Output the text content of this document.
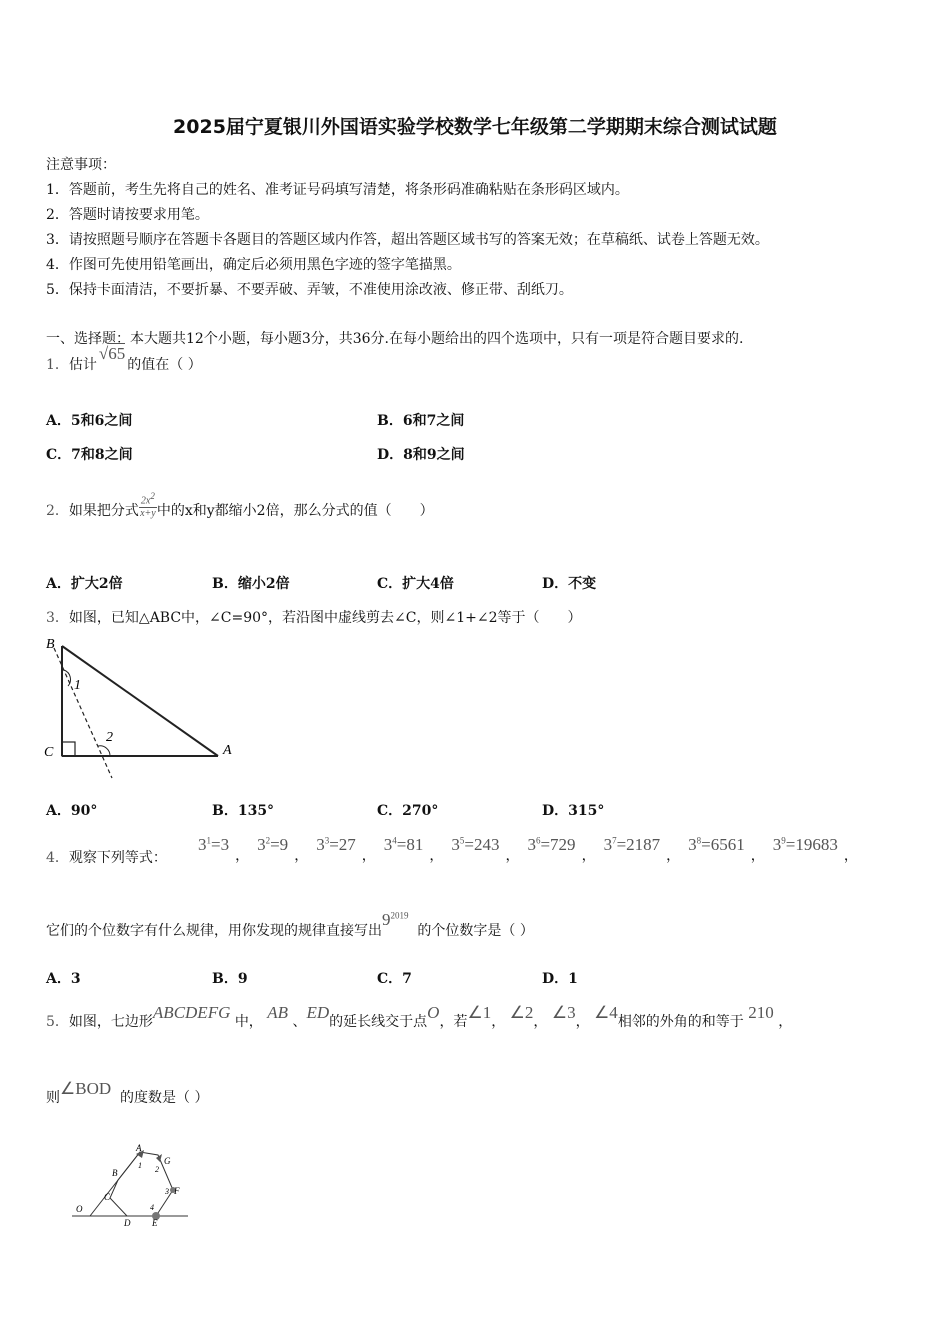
2025届宁夏银川外国语实验学校数学七年级第二学期期末综合测试试题
注意事项：
1．答题前，考生先将自己的姓名、准考证号码填写清楚，将条形码准确粘贴在条形码区域内。
2．答题时请按要求用笔。
3．请按照题号顺序在答题卡各题目的答题区域内作答，超出答题区域书写的答案无效；在草稿纸、试卷上答题无效。
4．作图可先使用铅笔画出，确定后必须用黑色字迹的签字笔描黑。
5．保持卡面清洁，不要折暴、不要弄破、弄皱，不准使用涂改液、修正带、刮纸刀。
一、选择题：本大题共12个小题，每小题3分，共36分.在每小题给出的四个选项中，只有一项是符合题目要求的.
1．估计√65的值在（ ）
A．5和6之间	B．6和7之间
C．7和8之间	D．8和9之间
2．如果把分式 $\frac{2x^2}{x+y}$ 中的x和y都缩小2倍，那么分式的值（　　）
A．扩大2倍	B．缩小2倍	C．扩大4倍	D．不变
3．如图，已知△ABC中，∠C=90°，若沿图中虚线剪去∠C，则∠1+∠2等于（　　）
B
C	A
1
2
A．90°	B．135°	C．270°	D．315°
4．观察下列等式：
$3^1=3$，$3^2=9$，$3^3=27$，$3^4=81$，$3^5=243$，$3^6=729$，$3^7=2187$，$3^8=6561$，$3^9=19683$，
它们的个位数字有什么规律，用你发现的规律直接写出$9^{2019}$  的个位数字是（ ）
A．3	B．9	C．7	D．1
5．如图，七边形ABCDEFG 中， AB 、ED的延长线交于点O，若∠1， ∠2， ∠3， ∠4相邻的外角的和等于 210 ，
则∠BOD 的度数是（ ）
O
B
C
D
A
G
F
E
1 2
3
4
